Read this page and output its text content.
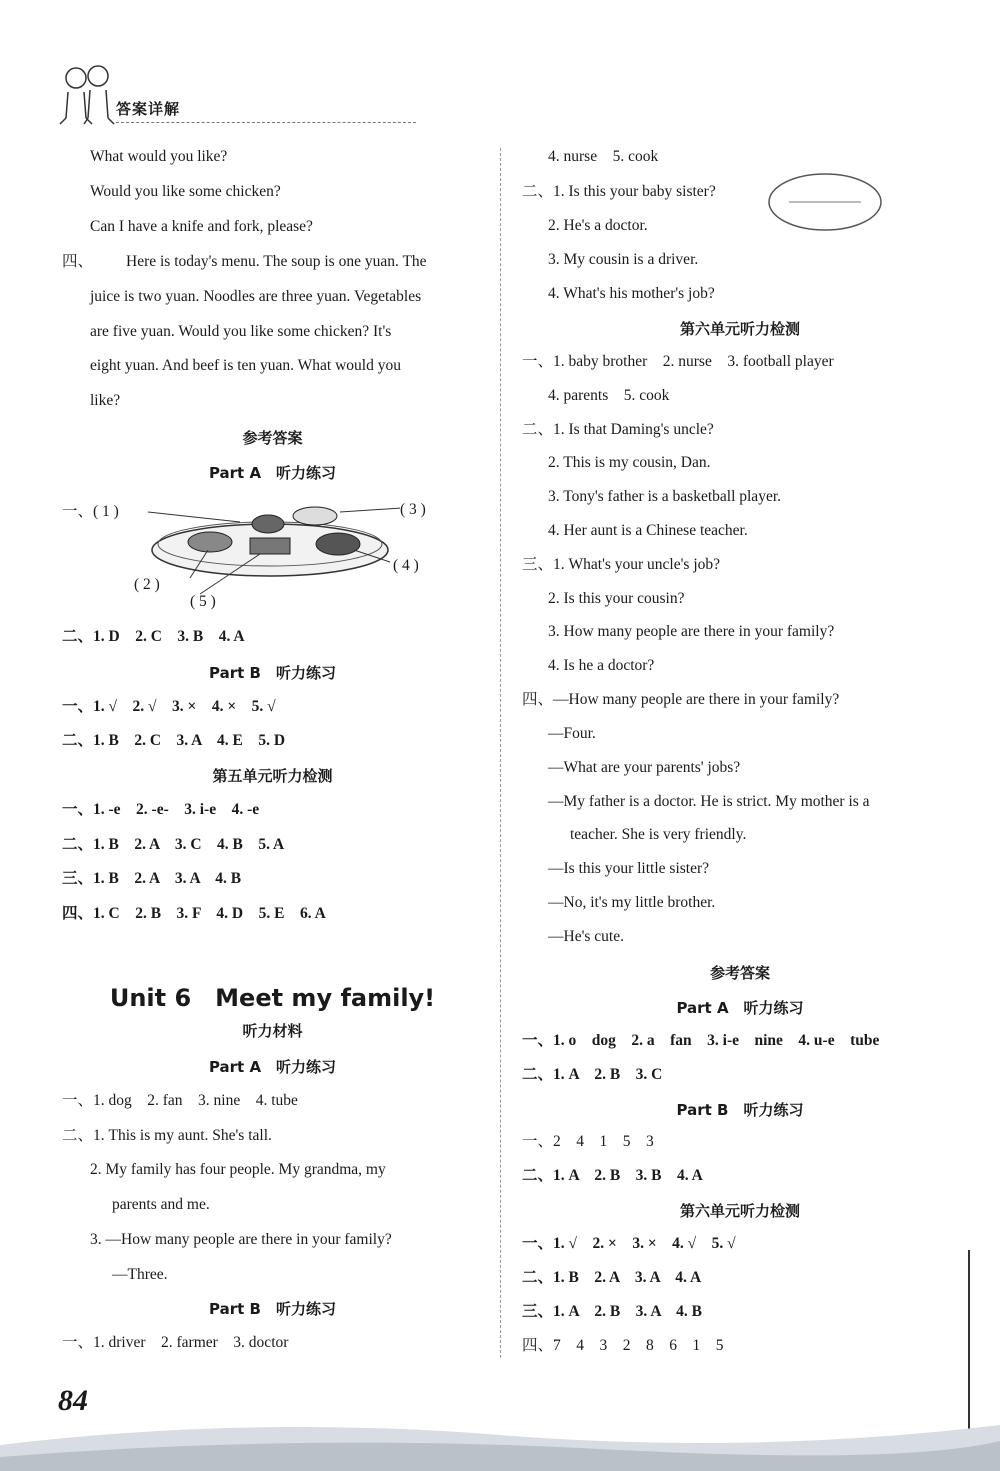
答案详解
What would you like?
Would you like some chicken?
Can I have a knife and fork, please?
四、 Here is today's menu. The soup is one yuan. The
juice is two yuan. Noodles are three yuan. Vegetables
are five yuan. Would you like some chicken? It's
eight yuan. And beef is ten yuan. What would you
like?
参考答案
Part A　听力练习
一、( 1 )	( 3 )
( 2 )
( 4 )
( 5 )
二、1. D　2. C　3. B　4. A
Part B　听力练习
一、1. √　2. √　3. ×　4. ×　5. √
二、1. B　2. C　3. A　4. E　5. D
第五单元听力检测
一、1. -e　2. -e-　3. i-e　4. -e
二、1. B　2. A　3. C　4. B　5. A
三、1. B　2. A　3. A　4. B
四、1. C　2. B　3. F　4. D　5. E　6. A
Unit 6　Meet my family!
听力材料
Part A　听力练习
一、1. dog　2. fan　3. nine　4. tube
二、1. This is my aunt. She's tall.
2. My family has four people. My grandma, my
parents and me.
3. —How many people are there in your family?
—Three.
Part B　听力练习
一、1. driver　2. farmer　3. doctor
4. nurse　5. cook
二、1. Is this your baby sister?
2. He's a doctor.
3. My cousin is a driver.
4. What's his mother's job?
第六单元听力检测
一、1. baby brother　2. nurse　3. football player
4. parents　5. cook
二、1. Is that Daming's uncle?
2. This is my cousin, Dan.
3. Tony's father is a basketball player.
4. Her aunt is a Chinese teacher.
三、1. What's your uncle's job?
2. Is this your cousin?
3. How many people are there in your family?
4. Is he a doctor?
四、—How many people are there in your family?
—Four.
—What are your parents' jobs?
—My father is a doctor. He is strict. My mother is a
teacher. She is very friendly.
—Is this your little sister?
—No, it's my little brother.
—He's cute.
参考答案
Part A　听力练习
一、1. o　dog　2. a　fan　3. i-e　nine　4. u-e　tube
二、1. A　2. B　3. C
Part B　听力练习
一、2　4　1　5　3
二、1. A　2. B　3. B　4. A
第六单元听力检测
一、1. √　2. ×　3. ×　4. √　5. √
二、1. B　2. A　3. A　4. A
三、1. A　2. B　3. A　4. B
四、7　4　3　2　8　6　1　5
84
